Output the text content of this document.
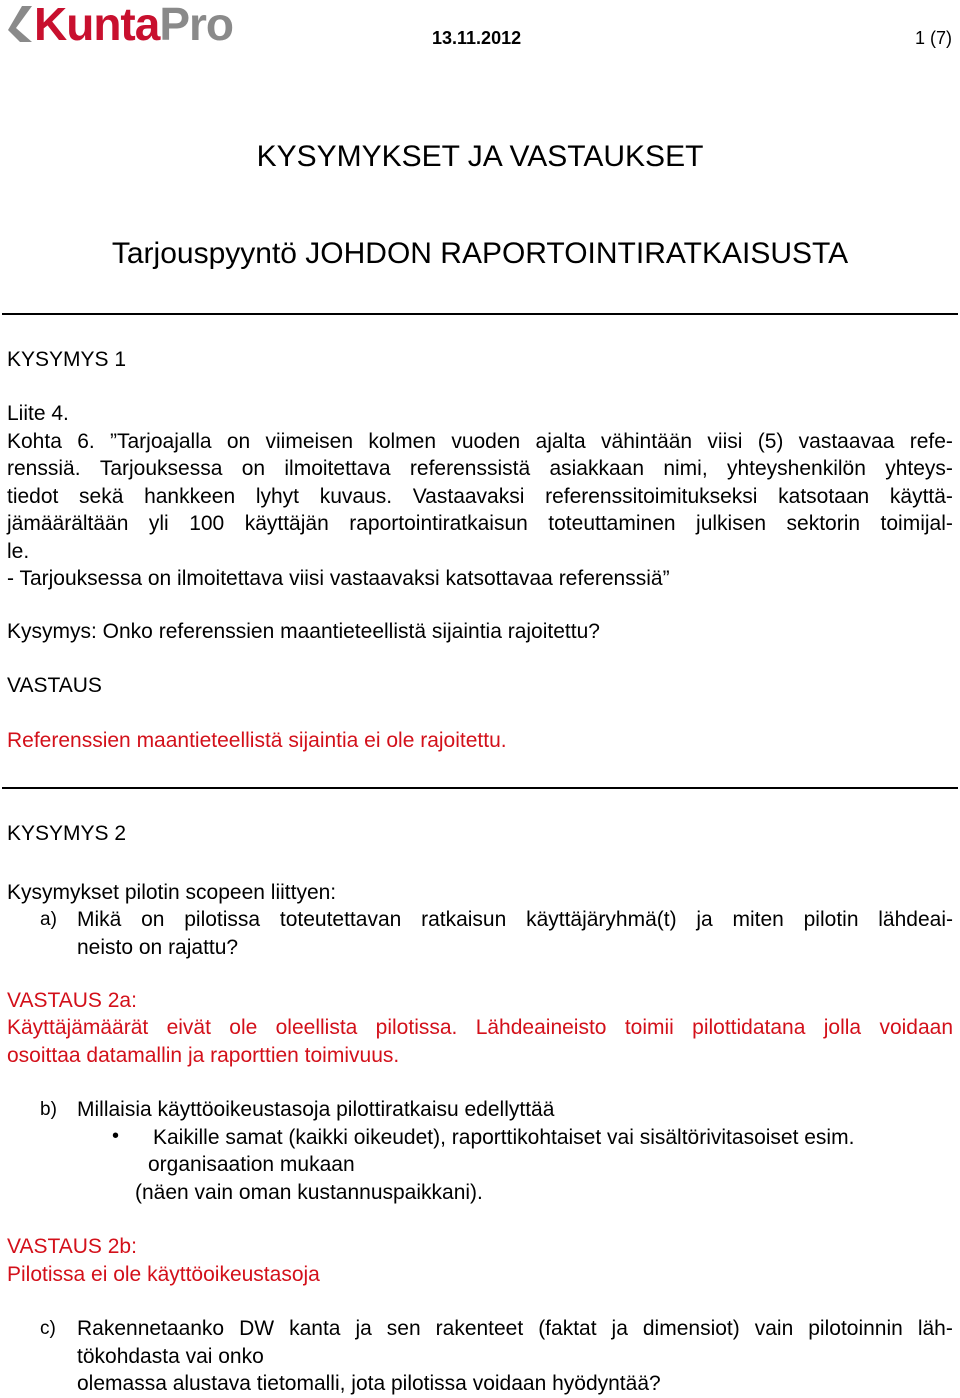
Kunta Pro	13.11.2012	1 (7)
KYSYMYKSET JA VASTAUKSET
Tarjouspyyntö JOHDON RAPORTOINTIRATKAISUSTA
KYSYMYS 1
Liite 4.
Kohta 6. ”Tarjoajalla on viimeisen kolmen vuoden ajalta vähintään viisi (5) vastaavaa refe-
renssiä. Tarjouksessa on ilmoitettava referenssistä asiakkaan nimi, yhteyshenkilön yhteys-
tiedot sekä hankkeen lyhyt kuvaus. Vastaavaksi referenssitoimitukseksi katsotaan käyttä-
jämäärältään yli 100 käyttäjän raportointiratkaisun toteuttaminen julkisen sektorin toimijal-
le.
- Tarjouksessa on ilmoitettava viisi vastaavaksi katsottavaa referenssiä”
Kysymys: Onko referenssien maantieteellistä sijaintia rajoitettu?
VASTAUS
Referenssien maantieteellistä sijaintia ei ole rajoitettu.
KYSYMYS 2
Kysymykset pilotin scopeen liittyen:
a) Mikä on pilotissa toteutettavan ratkaisun käyttäjäryhmä(t) ja miten pilotin lähdeai-
neisto on rajattu?
VASTAUS 2a:
Käyttäjämäärät eivät ole oleellista pilotissa. Lähdeaineisto toimii pilottidatana jolla voidaan
osoittaa datamallin ja raporttien toimivuus.
b) Millaisia käyttöoikeustasoja pilottiratkaisu edellyttää
• Kaikille samat (kaikki oikeudet), raporttikohtaiset vai sisältörivitasoiset esim.
organisaation mukaan
(näen vain oman kustannuspaikkani).
VASTAUS 2b:
Pilotissa ei ole käyttöoikeustasoja
c) Rakennetaanko DW kanta ja sen rakenteet (faktat ja dimensiot) vain pilotoinnin läh-
tökohdasta vai onko
olemassa alustava tietomalli, jota pilotissa voidaan hyödyntää?
